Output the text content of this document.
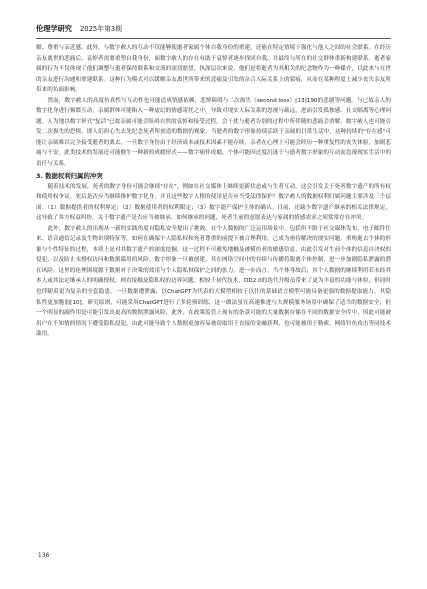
伦理学研究 2025年第3期

解、尊重与亲近感。此外，与数字赦人的互动不仅能够使逝者家属个体自我身份的重建，还能在特定情境下强化与他人之间的社会联系。在经历亲友离世的悲痛后，哀悼者需要重塑自我身份，面数字赦人的存在有助于哀悼者逐步找回自我，并最终与所在的社交群体重新构建联系。逝者家属的行为不仅体现了他们调整与逝者保持联系和交流的深切愿望，执深层次来说，他们是将逝者为其相关的纪念物作为一种媒介，以此来与在世的亲友进行沟通和重建联系。这种行为模式可以缓解亲友离世所带来的悲痛及引发的杂合人际关系上的裂痕，从而在某种程度上减少丧失亲友所带来的负面影响。

然而，数字赦人的高度仿真性与互动性也可能造成情感依赖、悲悼障碍与二次损失（second loss）[13]190的悲剧等问题。与已故亲人的数字化身进行频繁互动，亲属群体可能陷入一种虚幻的情感寄托之中，导致对现实人际关系的忽视与疏远，进而引发孤独感、社交隔离等心理问题。人为地以数字形式"复活"已故亲属可能会阻碍自然的哀悼和接受过程，会干扰与逝者告别的过程中所伴随的悲痛会消解。数字赦人也可能引发二次损失的恐惧，即人们担心失去先纪念死者所创造的数据的现象。当逝者的数字形象持续活跃于亲属的日常生活中，这种持续的"存在感"可能让亲属难以完全接受逝者的离去。一旦数字身份由于经济成本或技术因素不能存续，亲者在心理上可能会经历一种重复性的丧失体验，加剧悲痛与不安。此类技术的发展还可能催生一种新的成瘾形式——数字痛怀成瘾。个体可能因过度沉迷于与逝者数字形象的互动而忽视现实生活中的责任与关系。

3. 数据权利归属的冲突

随着技术的发展，死者的数字身份可能会继续"存在"，例如在社交媒体上继续更新状态或与生者互动，这会引发关于死者数字遗产的所有权和使用权争议。死后是否应当继续维护数字化身，并且这些数字人格的使用是否应当受法律保护？数字赦人的数据权利归属问题主要涉及三个层面：（1）数据提供者的权利界定；（2）数据使用者的权利限定；（3）数字遗产保护主体的确认。目前，还缺少数字遗产继承的相关法律规定，这导致了各方权益纠纷。关于数字遗产是否应当被继承、如何继承的问题，死者生前的意愿表达与家属的情感需求之间常常存在冲突。

此外，数字赦人的出现从一新的实践角度对隐私安全提出了挑战。在个人数据的广泛运用场景中，包括但不限于社交媒体发布、电子邮件往来、语音通信记录及生物识别特征等，如何在确保个人隐私权和死者尊重的前提下被合理利用，已成为亟待解决的现实问题。重构逝去个体的形象与个性特征的过程，本质上是对其数字遗产的深度挖掘，这一过程不可避免地触及被模仿者的敏感信息，由此引发对生前个体的信息自决权的侵犯，以及防止未授权访问和数据滥用的风险。数字形象一旦被创建，其在网络空间中的存续与传播将脱离个体控制，进一步加剧隐私泄露的潜在风险。这里的伦理困境源于数据对于决策的效用与个人隐私权保护之间的张力。进一步而言，当个体身故后，其个人数据的继续利用若未经其本人或其法定继承人的明确授权，则直接触及隐私权的边界问题。相较于初代技术，DD2.0的迭代升级虽带来了更为丰富的功能与体验，但同时也伴随着更为复杂的全套隐患，一旦数据遭泄露，以ChatGPT为代表的大模型相较于以往的基础语言模型可能具备更强的数据提取能力，其隐私性更加脆弱[10]。研究原则，可能采用ChatGPT进行了多轮预训练，这一做法虽在高速推进与大规模服务场景中确保了适当的数据安全，但一个明显的副作用是可能引发出更高的数据泄露风险，此外，在政策监管上现有的条款可能的大量数据存储在不同的数据安全库中，因此可能被用户在不知情的情况下遭受隐私侵犯，由此可能导致个人数据更加容易被窃取用于直接的金融获利，也可能被用于勒索、网络钓鱼攻击等同技术滥用。

·136·
